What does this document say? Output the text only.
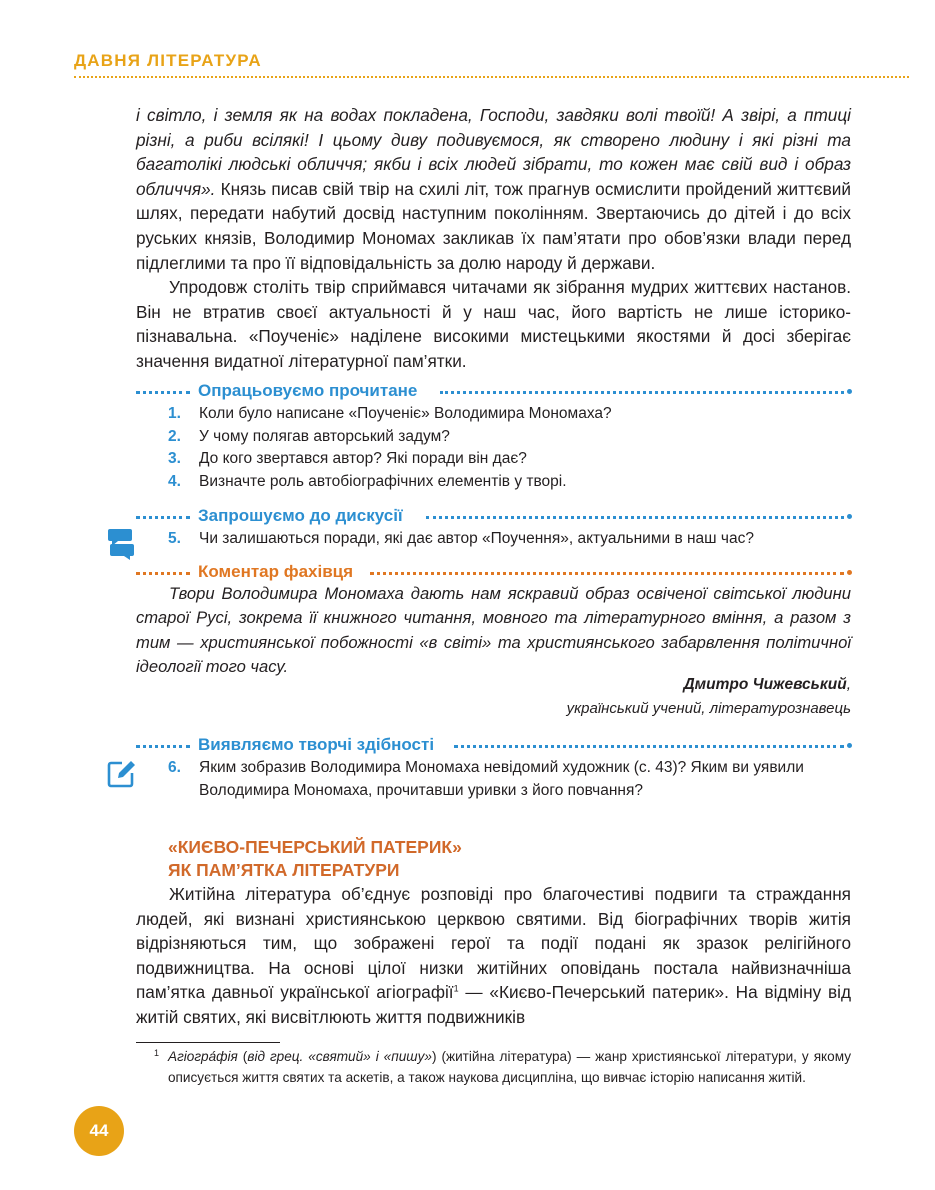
ДАВНЯ ЛІТЕРАТУРА

і світло, і земля як на водах покладена, Господи, завдяки волі твоїй! А звірі, а птиці різні, а риби всілякі! І цьому диву подивуємося, як створено людину і які різні та багатолікі людські обличчя; якби і всіх людей зібрати, то кожен має свій вид і образ обличчя». Князь писав свій твір на схилі літ, тож прагнув осмислити пройдений життєвий шлях, передати набутий досвід наступним поколінням. Звертаючись до дітей і до всіх руських князів, Володимир Мономах закликав їх пам’ятати про обов’язки влади перед підлеглими та про її відповідальність за долю народу й держави.

Упродовж століть твір сприймався читачами як зібрання мудрих життєвих настанов. Він не втратив своєї актуальності й у наш час, його вартість не лише історико-пізнавальна. «Поученіє» наділене високими мистецькими якостями й досі зберігає значення видатної літературної пам’ятки.

Опрацьовуємо прочитане
1. Коли було написане «Поученіє» Володимира Мономаха?
2. У чому полягав авторський задум?
3. До кого звертався автор? Які поради він дає?
4. Визначте роль автобіографічних елементів у творі.
Запрошуємо до дискусії
5. Чи залишаються поради, які дає автор «Поучення», актуальними в наш час?
Коментар фахівця

Твори Володимира Мономаха дають нам яскравий образ освіченої світської людини старої Русі, зокрема її книжного читання, мовного та літературного вміння, а разом з тим — християнської побожності «в світі» та християнського забарвлення політичної ідеології того часу.

Дмитро Чижевський,
український учений, літературознавець
Виявляємо творчі здібності
6. Яким зобразив Володимира Мономаха невідомий художник (с. 43)? Яким ви уявили Володимира Мономаха, прочитавши уривки з його повчання?
«КИЄВО-ПЕЧЕРСЬКИЙ ПАТЕРИК»
ЯК ПАМ’ЯТКА ЛІТЕРАТУРИ

Житійна література об’єднує розповіді про благочестиві подвиги та страждання людей, які визнані християнською церквою святими. Від біографічних творів житія відрізняються тим, що зображені герої та події подані як зразок релігійного подвижництва. На основі цілої низки житійних оповідань постала найвизначніша пам’ятка давньої української агіографії$^1$ — «Києво-Печерський патерик». На відміну від житій святих, які висвітлюють життя подвижників

1 Агіогра́фія (від грец. «святий» і «пишу») (житійна література) — жанр християнської літератури, у якому описується життя святих та аскетів, а також наукова дисципліна, що вивчає історію написання житій.

44
